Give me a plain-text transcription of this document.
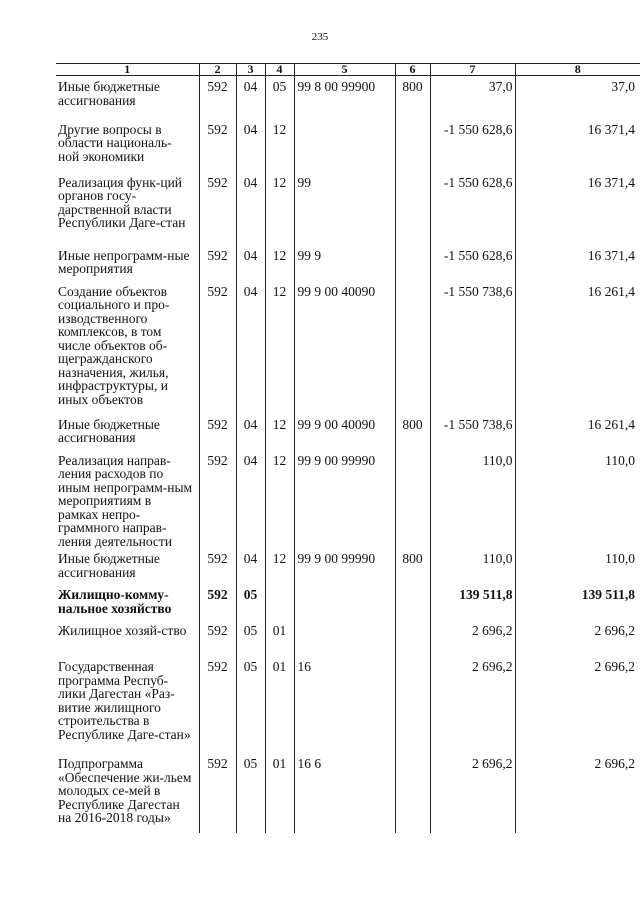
235
1	2	3	4	5	6	7	8
Иные бюджетные ассигнования	592	04	05	99 8 00 99900	800	37,0	37,0
Другие вопросы в области националь-ной экономики	592	04	12			-1 550 628,6	16 371,4
Реализация функ-ций органов госу-дарственной власти Республики Даге-стан	592	04	12	99		-1 550 628,6	16 371,4
Иные непрограмм-ные мероприятия	592	04	12	99 9		-1 550 628,6	16 371,4
Создание объектов социального и про-изводственного комплексов, в том числе объектов об-щегражданского назначения, жилья, инфраструктуры, и иных объектов	592	04	12	99 9 00 40090		-1 550 738,6	16 261,4
Иные бюджетные ассигнования	592	04	12	99 9 00 40090	800	-1 550 738,6	16 261,4
Реализация направ-ления расходов по иным непрограмм-ным мероприятиям в рамках непро-граммного направ-ления деятельности	592	04	12	99 9 00 99990		110,0	110,0
Иные бюджетные ассигнования	592	04	12	99 9 00 99990	800	110,0	110,0
Жилищно-комму-нальное хозяйство	592	05				139 511,8	139 511,8
Жилищное хозяй-ство	592	05	01			2 696,2	2 696,2
Государственная программа Респуб-лики Дагестан «Раз-витие жилищного строительства в Республике Даге-стан»	592	05	01	16		2 696,2	2 696,2
Подпрограмма «Обеспечение жи-льем молодых се-мей в Республике Дагестан на 2016-2018 годы»	592	05	01	16 6		2 696,2	2 696,2
